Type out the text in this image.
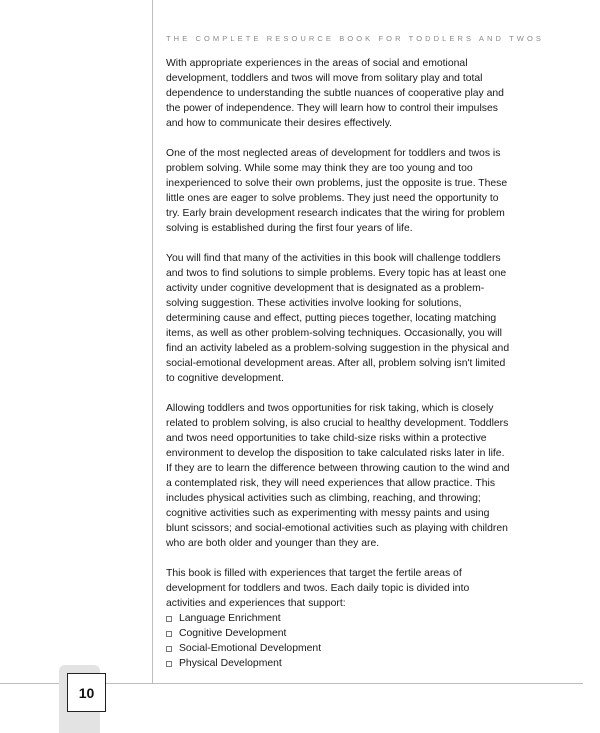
10
THE COMPLETE RESOURCE BOOK FOR TODDLERS AND TWOS

With appropriate experiences in the areas of social and emotional development, toddlers and twos will move from solitary play and total dependence to understanding the subtle nuances of cooperative play and the power of independence. They will learn how to control their impulses and how to communicate their desires effectively.

One of the most neglected areas of development for toddlers and twos is problem solving. While some may think they are too young and too inexperienced to solve their own problems, just the opposite is true. These little ones are eager to solve problems. They just need the opportunity to try. Early brain development research indicates that the wiring for problem solving is established during the first four years of life.

You will find that many of the activities in this book will challenge toddlers and twos to find solutions to simple problems. Every topic has at least one activity under cognitive development that is designated as a problem-solving suggestion. These activities involve looking for solutions, determining cause and effect, putting pieces together, locating matching items, as well as other problem-solving techniques. Occasionally, you will find an activity labeled as a problem-solving suggestion in the physical and social-emotional development areas. After all, problem solving isn't limited to cognitive development.

Allowing toddlers and twos opportunities for risk taking, which is closely related to problem solving, is also crucial to healthy development. Toddlers and twos need opportunities to take child-size risks within a protective environment to develop the disposition to take calculated risks later in life. If they are to learn the difference between throwing caution to the wind and a contemplated risk, they will need experiences that allow practice. This includes physical activities such as climbing, reaching, and throwing; cognitive activities such as experimenting with messy paints and using blunt scissors; and social-emotional activities such as playing with children who are both older and younger than they are.

This book is filled with experiences that target the fertile areas of development for toddlers and twos. Each daily topic is divided into activities and experiences that support:

Language Enrichment
Cognitive Development
Social-Emotional Development
Physical Development
